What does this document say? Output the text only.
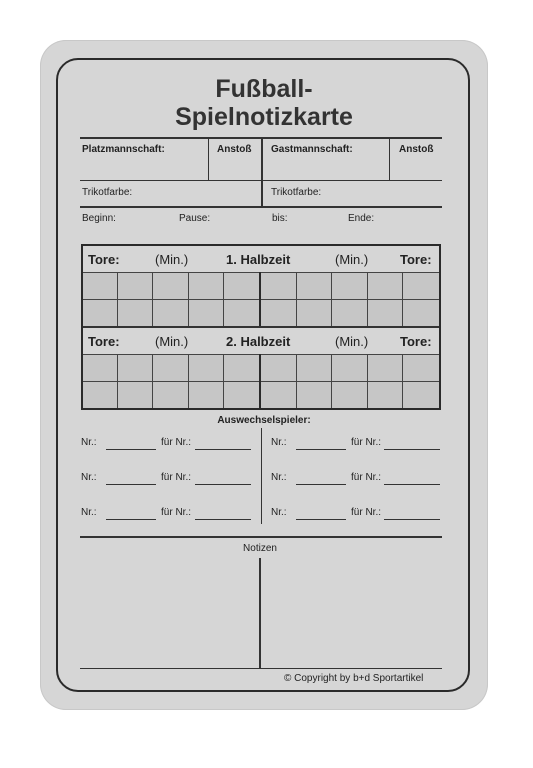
Fußball-
Spielnotizkarte
Platzmannschaft:	Anstoß Gastmannschaft:	Anstoß
Trikotfarbe:	Trikotfarbe:
Beginn:	Pause:	bis:	Ende:
Tore:	(Min.)	1. Halbzeit	(Min.) Tore:
Tore:	(Min.)	2. Halbzeit	(Min.) Tore:
Auswechselspieler:
Nr.:	für Nr.:
Nr.:	für Nr.:
Nr.:	für Nr.:
Nr.:	für Nr.:
Nr.:	für Nr.:
Nr.:	für Nr.:
Notizen
© Copyright by b+d Sportartikel
